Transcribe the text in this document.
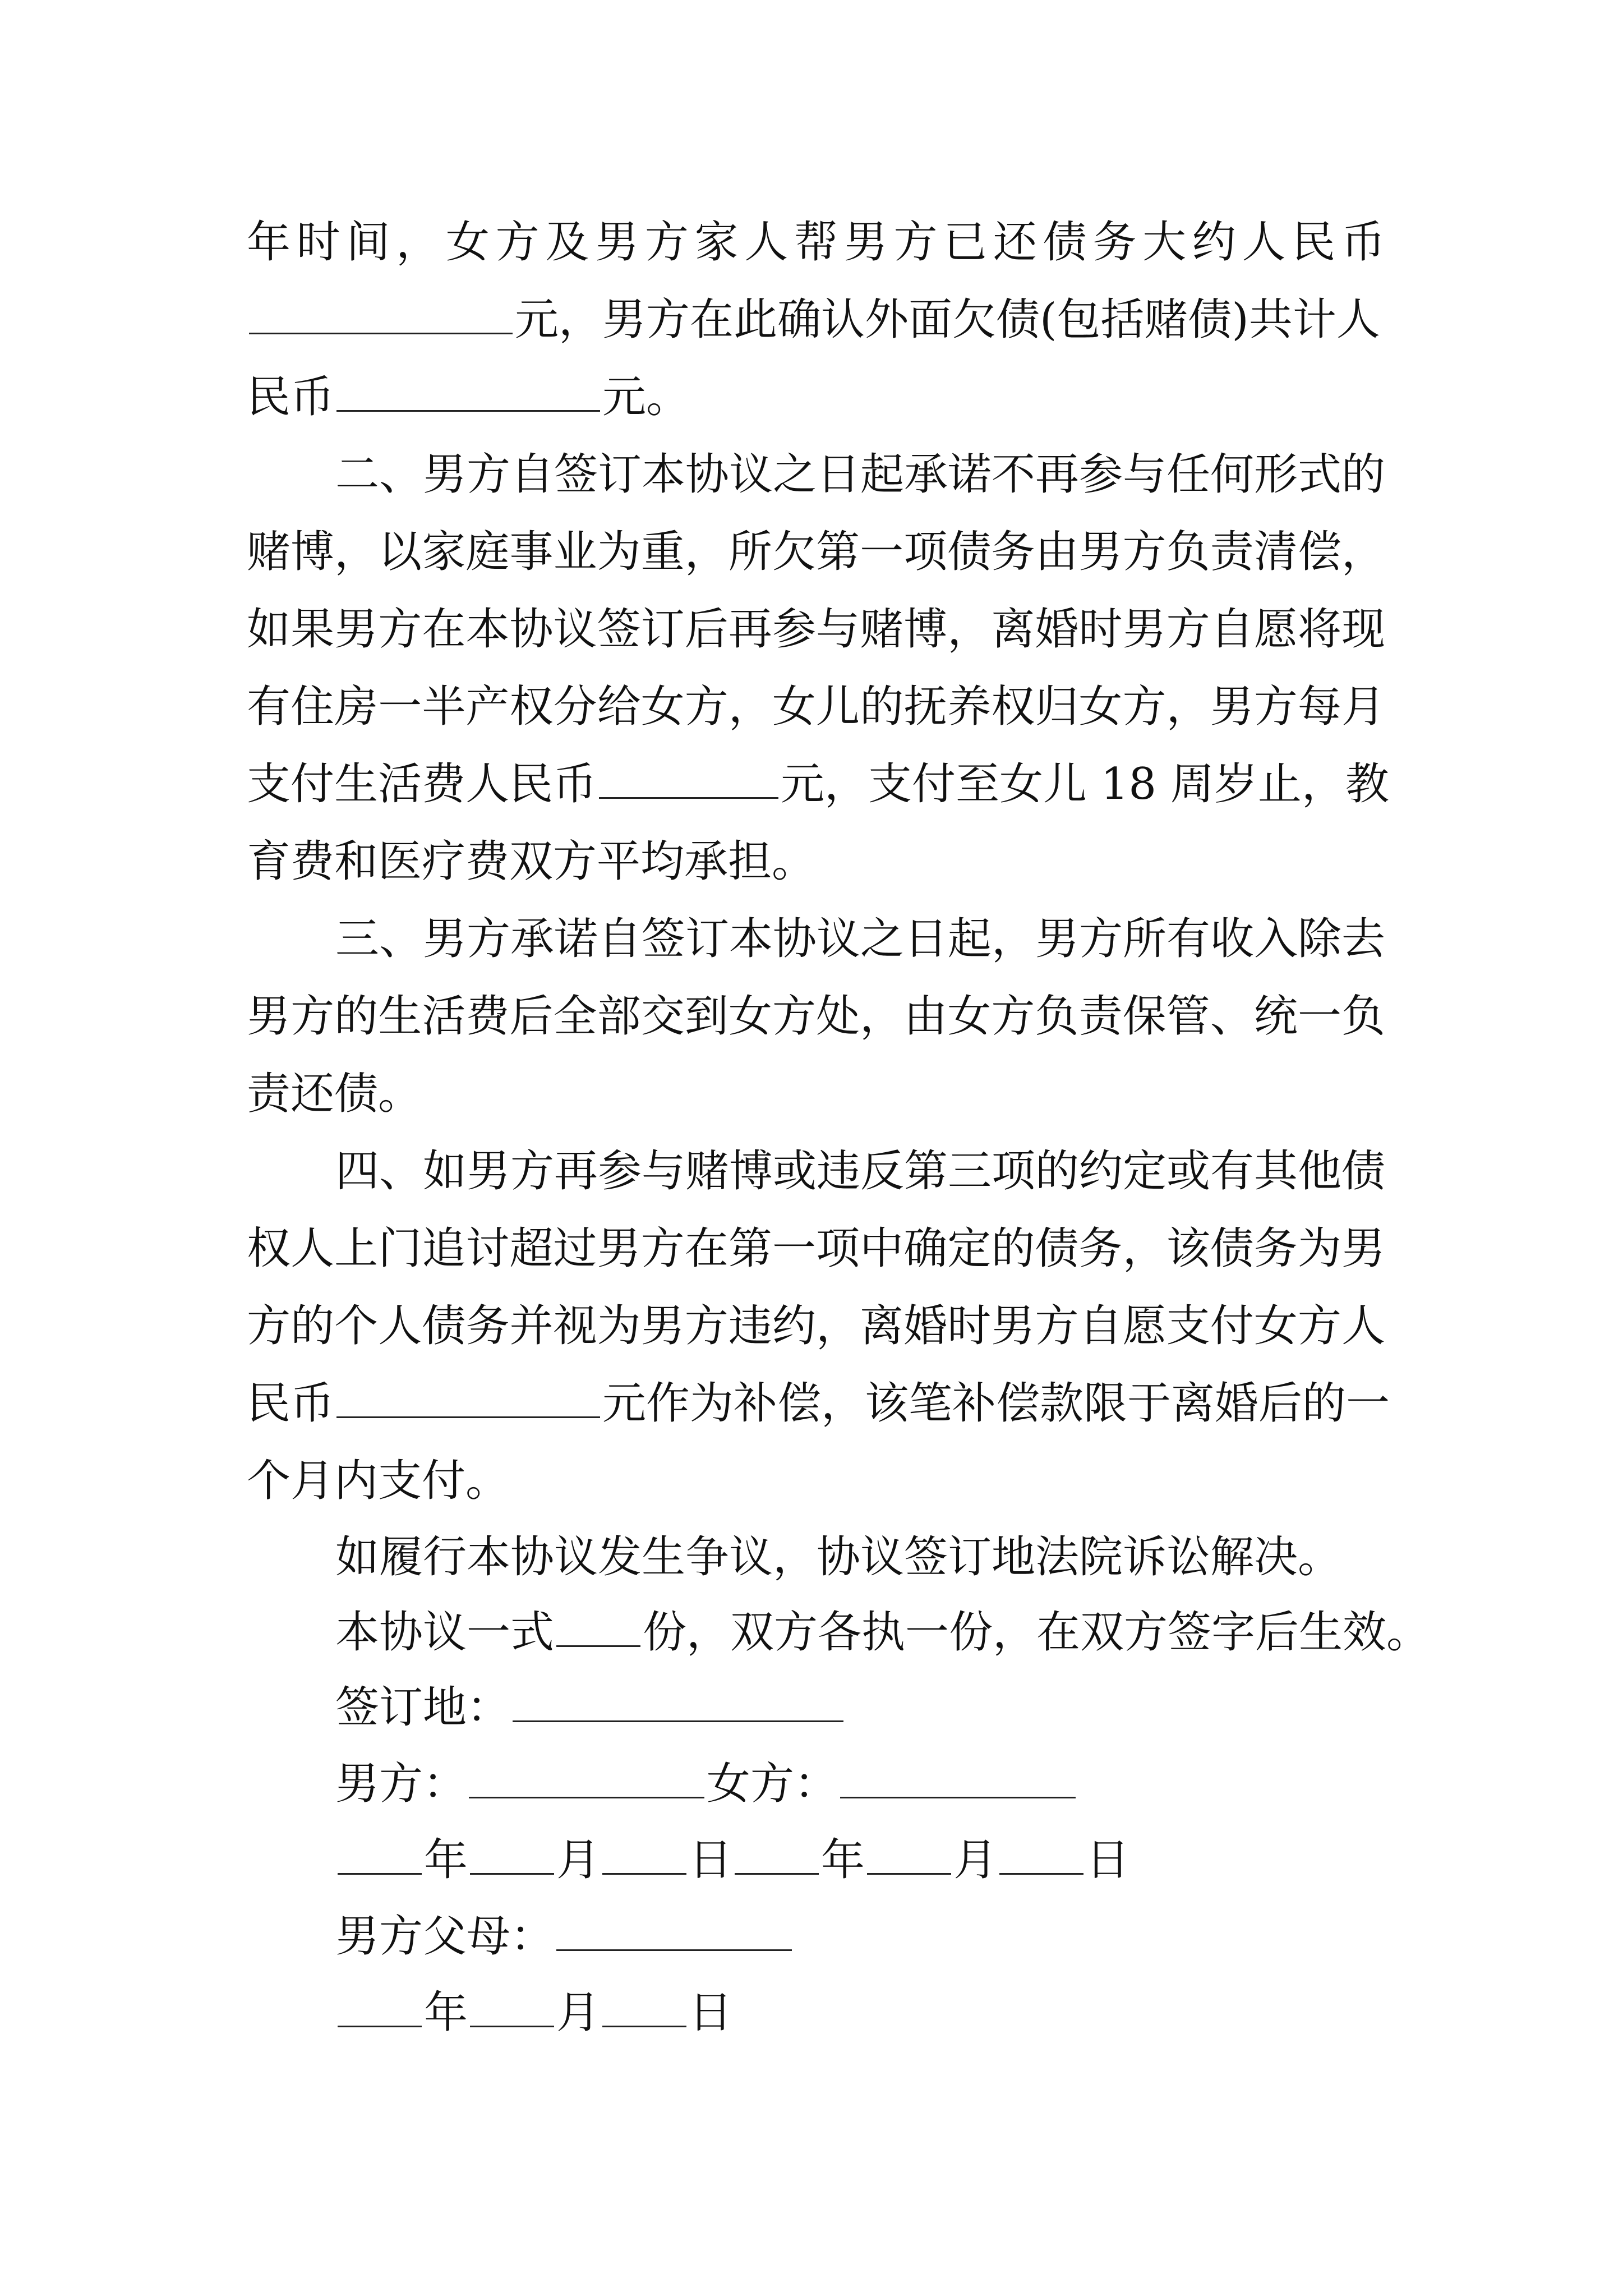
年时间，女方及男方家人帮男方已还债务大约人民币
元，男方在此确认外面欠债(包括赌债)共计人
民币	元。
二、男方自签订本协议之日起承诺不再参与任何形式的
赌博，以家庭事业为重，所欠第一项债务由男方负责清偿，
如果男方在本协议签订后再参与赌博，离婚时男方自愿将现
有住房一半产权分给女方，女儿的抚养权归女方，男方每月
支付生活费人民币	元，支付至女儿 18 周岁止，教
育费和医疗费双方平均承担。
三、男方承诺自签订本协议之日起，男方所有收入除去
男方的生活费后全部交到女方处，由女方负责保管、统一负
责还债。
四、如男方再参与赌博或违反第三项的约定或有其他债
权人上门追讨超过男方在第一项中确定的债务，该债务为男
方的个人债务并视为男方违约，离婚时男方自愿支付女方人
民币	元作为补偿，该笔补偿款限于离婚后的一
个月内支付。
如履行本协议发生争议，协议签订地法院诉讼解决。
本协议一式 份，双方各执一份，在双方签字后生效。
签订地：
男方：	女方：
年 月 日 年 月 日
男方父母：
年 月 日
